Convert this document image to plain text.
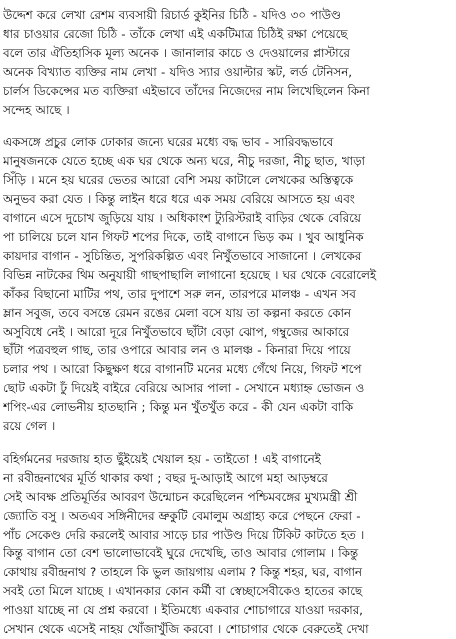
উদ্দেশ করে লেখা রেশম ব্যবসায়ী রিচার্ড কুইনির চিঠি - যদিও ৩০ পাউণ্ড
ধার চাওয়ার রেজো চিঠি - তাঁকে লেখা এই একটিমাত্র চিঠিই রক্ষা পেয়েছে
বলে তার ঐতিহাসিক মূল্য অনেক । জানালার কাচে ও দেওয়ালের প্লাস্টারে
অনেক বিখ্যাত ব্যক্তির নাম লেখা - যদিও স্যার ওয়াল্টার স্কট, লর্ড টেনিসন,
চার্লস ডিকেন্সের মত ব্যক্তিরা এইভাবে তাঁদের নিজেদের নাম লিখেছিলেন কিনা
সন্দেহ আছে ।

একসঙ্গে প্রচুর লোক ঢোকার জন্যে ঘরের মধ্যে বদ্ধ ভাব - সারিবদ্ধভাবে
মানুষজনকে যেতে হচ্ছে এক ঘর থেকে অন্য ঘরে, নীচু দরজা, নীচু ছাত, খাড়া
সিঁড়ি । মনে হয় ঘরের ভেতর আরো বেশি সময় কাটালে লেখকের অস্তিত্বকে
অনুভব করা যেত । কিন্তু লাইন ধরে ধরে এক সময় বেরিয়ে আসতে হয় এবং
বাগানে এসে দুচোখ জুড়িয়ে যায় । অধিকাংশ ট্যুরিস্টরাই বাড়ির থেকে বেরিয়ে
পা চালিয়ে চলে যান গিফট শপের দিকে, তাই বাগানে ভিড় কম । খুব আধুনিক
কায়দার বাগান - সুচিন্তিত, সুপরিকল্পিত এবং নিখুঁতভাবে সাজানো । লেখকের
বিভিন্ন নাটকের থিম অনুযায়ী গাছপাছালি লাগানো হয়েছে । ঘর থেকে বেরোলেই
কাঁকর বিছানো মাটির পথ, তার দুপাশে সরু লন, তারপরে মালঞ্চ - এখন সব
ম্লান সবুজ, তবে বসন্তে রেমন রঙের মেলা বসে যায় তা কল্পনা করতে কোন
অসুবিধে নেই । আরো দূরে নিখুঁতভাবে ছাঁটা বেড়া ঝোপ, গম্বুজের আকারে
ছাঁটা পত্রবহুল গাছ, তার ওপারে আবার লন ও মালঞ্চ - কিনারা দিয়ে পায়ে
চলার পথ । আরো কিছুক্ষণ ধরে বাগানটি মনের মধ্যে গেঁথে নিয়ে, গিফট শপে
ছোট একটা ঢুঁ দিয়েই বাইরে বেরিয়ে আসার পালা - সেখানে মধ্যাহ্ন ভোজন ও
শপিং-এর লোভনীয় হাতছানি ; কিন্তু মন খুঁতখুঁত করে - কী যেন একটা বাকি
রয়ে গেল ।

বহির্গমনের দরজায় হাত ছুঁইয়েই খেয়াল হয় - তাইতো ! এই বাগানেই
না রবীন্দ্রনাথের মূর্তি থাকার কথা ; বছর দু-আড়াই আগে মহা আড়ম্বরে
সেই আবক্ষ প্রতিমূর্তির আবরণ উন্মোচন করেছিলেন পশ্চিমবঙ্গের মুখ্যমন্ত্রী শ্রী
জ্যোতি বসু । অতএব সঙ্গিনীদের ভ্রুকুটি বেমালুম অগ্রাহ্য করে পেছনে ফেরা -
পাঁচ সেকেণ্ড দেরি করলেই আবার সাড়ে চার পাউণ্ড দিয়ে টিকিট কাটতে হত ।
কিন্তু বাগান তো বেশ ভালোভাবেই ঘুরে দেখেছি, তাও আবার গোলাম । কিন্তু
কোথায় রবীন্দ্রনাথ ? তাহলে কি ভুল জায়গায় এলাম ? কিন্তু শহর, ঘর, বাগান
সবই তো মিলে যাচ্ছে । এখানকার কোন কর্মী বা স্বেচ্ছাসেবীকেও হাতের কাছে
পাওয়া যাচ্ছে না যে প্রশ্ন করবো । ইতিমধ্যে একবার শোচাগারে যাওয়া দরকার,
সেখান থেকে এসেই নাহয় খোঁজাখুঁজি করবো । শোচাগার থেকে বেরুতেই দেখা
